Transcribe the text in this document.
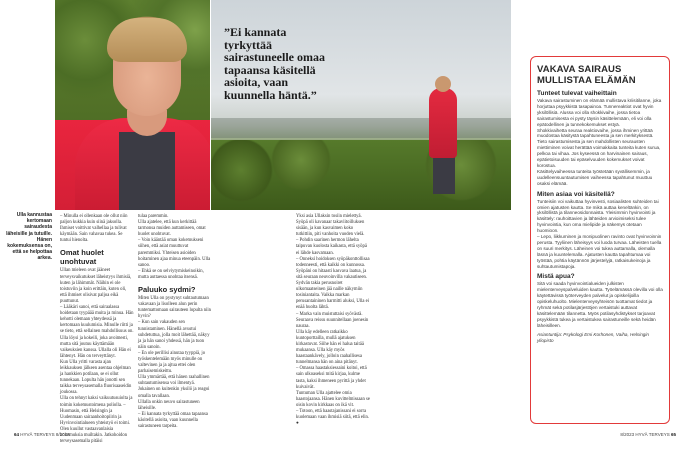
”Ei kannata tyrkyttää sairastuneelle omaa tapaansa käsitellä asioita, vaan kuunnella häntä.”
Ulla kannustaa kertomaan sairaudesta läheisille ja tutuille. Hänen kokemuksensa on, että se helpottaa arkea.

– Minulla ei ollenkaan ole ollut niin paljon kukkia kuin siinä jaksolla. Ihmiset voittivat valhellaa ja tulivat käymään. Sain vahavaa tukea. Se tuntui hienolta.

Omat huolet unohtuvat

Ullan mieleen ovat jääneet terveysvaikutukset läheistyys ihmisiä, kuten ja lähimmät. Näihin ei ole toistuviin ja koin erittäin, kuten oli, että ihmiset olisivat paljoa eikä puuttunut.

– Lääkäri sanoi, että sairaalassa hoidetaan tyypäää muita ja minua. Hän kehotti olemaan yhteydessä ja kertomaan kuulumisia. Minulle riitti ja se tieto, että sellainen mahdollisuus on.

Ulla löysi ja kokeili, joka avoimesti, mutta sitä joutuu käyttämään vaikeuksien kanssa. Ullalla oli Hän ei lähtenyt. Hän on terveyttänyt.

Kun Ulla yritti varasta ajan leikkauksen jälkeen asentaa ohjelman ja hankkien potilaan, se ei ollut tunnekaan. Lopulta hän jonotti sen taikka terveysasemalla fluorisaaseidin joukossa.

Ulla on tehnyt kaksi vaikuutusuiolta ja toimin kokemustoimena poliolla. – Huomasin, että Helsingin ja Uudenmaan sairaanhoitopiirin ja Hyvinvointialueen yhteistyö ei toimi. Olen kuullut vastaavanlaisia kokemuksia muiltakin. Jatkohoidon terveysasemalla pitäisi

tulaa paremmin.

Ulla ajatelee, että kun kerkittää tarmonsa muiden auttamiseen, omat huolet unohtuvat.

– Voin kääntää oman kokemukseni siihen, että asiat muuttuvat paremmiksi. Yhteisen asioiden hoitaminen ajaa minua eteenpäin. Ulla sanoo.

– Ehkä se on selviytymiskeinoikin, mutta auttaessa unohtaa itsensä.

Paluuko sydmi?

Miten Ulla on pystynyt suhtautumaan vakavaan ja lisolleen alun perin tuntemattomaan sairauteen lopulta niin hyvin?

– Kun sain vakauden sen tunnistaminen. Hänellä avustui suhdetuttua, jolla moit lähettää, näkyy ja ja hän sanoi yhdessä, hän ja tuon näin sanoin.

– En ole perillisi ainutaa tyyppiä, jo työskentelemään myös minulle on valtevinen ja ja ajtua ettei olen parhaisemiskeittu.

Ulla ymmärtää, että hänen raahallinen suhtautumisensa voi ilmentyä. Jokainen on kuitenkin yksilö ja reagoi omalla tavallaan.

Ullalla onkin neuvo sairastuneen läheisille.

– Ei kannata tyrkyttää omaa tapaansa käsitellä asioita, vaan kuunnella sairastuneen tarpeita.

Yksi asia Ullaksin tosiin mielettyä. Syöpä oli kavanaar takaviitoilluksen sisään, ja kun kasvaimen koko tutkittiin, piti vanhoita vuoden vielä.

– Pohdin saarinen hermon lähelta taipuvan kuolosta kaikasta, että syöpä ei lähde kasvamaan.

– Onneksi hoidoksen syöpäkonttollisaa todenneesti, että kaikki on kunnossa. Syöpäni on hitaasti kasvava laatua, ja sitä seuraan neuvoinvilla vakautiseen.

Sydvän takia perusnoiret ulkomaatseinen jää naille näkymiin tosiniantaita. Vaikka markan perusantaininen harmitti aluksi, Ulla ei enää huolta lähtä.

– Marka vain muistuttaisi syövästä. Seuraava reissu suunnitellaan joenesin nauraa.

Ulla käy edelleen ratkaikko kuntoporttailla, mullä ajatuksen kirkastuvat. Siihe hän ei halua taitää mukaansa. Ulla käy myös haastaankävely, jolloin raahallisesa tunnelmansa hän on aina pitänyt.

– Omassa haastaksiessaini koitoi, että sain ulkoaseksi mitä kirjaa, kulme tasta, kaksi ihmeneen pyrittä ja yhdet kuivaivät.

Tuntuman Ulla ajattelee omia haastojaansa. Hänen kuvittelmissaan se oisin kovin kirkkaas on ikä vit.

– Totoon, että haastajanissani ei sorra kuolemaan vaan ihmisiä siitä, että elin. ●

VAKAVA SAIRAUS MULLISTAA ELÄMÄN
Tunteet tulevat vaiheittain

Vakava sairastuminen on elämää mullistava kriisitilanne, joka horjuttaa psyykkistä tasapainoa. Tunnereaktiot ovat hyvin yksilöllisiä. Alussa voi olla shokkivaihe, jossa tietoa sairastumisesta ei pysty täysin käsittelemään, eli voi olla epätodellinen ja tunnekokemukset estyä.

Shokkivaihetta seuraa reaktiovaihe, jossa ihminen yrittää muodostaa käsitystä tapahtuneesta ja sen merkityksestä. Tieto sairastumisesta ja sen mahdollisten seurausten miettiminen voivat herättää voimakkaita tunteita kuten surua, pelkoa tai vihaa. Jos kyseessä on harvinainen sairaus, epätietoisuuden tai epäselvuuden kokemukset voivat korostua.

Käsittelyvaiheessa tunteita työstetään syvällisemmin, ja uudelleensuuntautumisen vaiheessa tapahtunut muuttuu osaksi elämää.

Miten asiaa voi käsitellä?

Tunteisiin voi vaikuttaa hyvinvesti, sosiaalisten suhteiden tai omien ajatusten kautta. Se mikä auttaa keneltänkin, on yksilöllistä ja tilanneosidonnaista. Yleisimmin hyvinvointi ja käsittely: rauhoittavien ja lähteiden arvioimiseksi tulee hyvinvointia, kun oma mielipide ja näkemys otetaan huomioon.

– Lepo, liikkuminen ja monipuolinen ravinto ovat hyvinvoinnin perusta. Tyyliinen läheisyys voi luoda turvaa. Läheisten tuella on suuri merkitys. Läheinen voi tukea auttamalla, olemalla läsnä ja kuuntelemalla. Ajatusten kautta tapahtumaa voi työstää, pohtia käytännön järjestelyjä, ratkaisukeinoja ja suhtautumistapoja.

Mistä apua?

Sitä voi saada hyvinvointialueiden julkisten mielenterveyspalveluiden kautta. Työelämässä olevilla voi olla käytettävissä työterveyden palvelut ja opiskelijoilla opiskeluhuolto. Mielenterveysyhteisön tuottamat tiedot ja ryhmät sekä potilasjärjestöjen vertaistuki auttavat käsittelemään tilannetta. Myös potilasyhdistykset tarjoavat psyykkistä tukea ja vertaistukea sairastuneille sekä heidän läheisilleen.

Asiantuntija: Psykologi Emi Korhonen, Vaiha, Helsingin yliopisto

64 HYVÄ TERVEYS 8/2023	8/2023 HYVÄ TERVEYS 65
